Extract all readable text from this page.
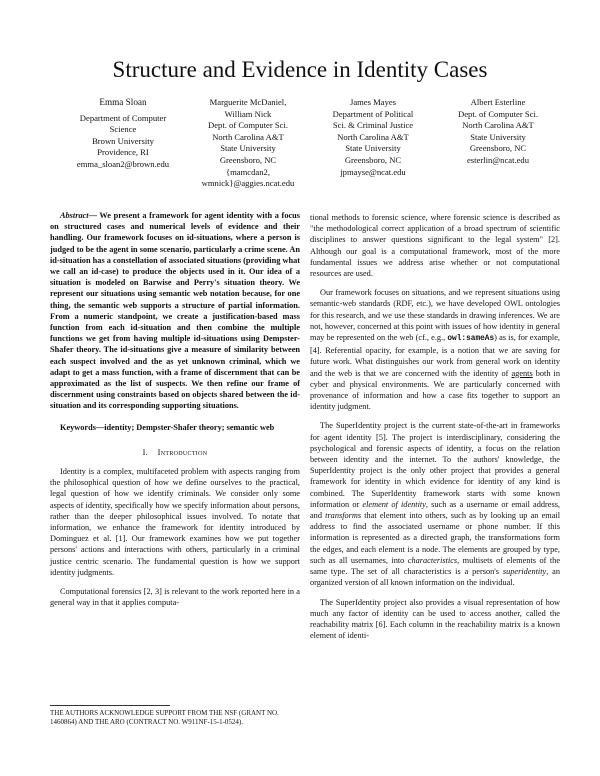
Structure and Evidence in Identity Cases
Emma Sloan
Department of Computer
Science
Brown University
Providence, RI
emma_sloan2@brown.edu
Marguerite McDaniel,
William Nick
Dept. of Computer Sci.
North Carolina A&T
State University
Greensboro, NC
{mamcdan2,
wmnick}@aggies.ncat.edu
James Mayes
Department of Political
Sci. & Criminal Justice
North Carolina A&T
State University
Greensboro, NC
jpmayse@ncat.edu
Albert Esterline
Dept. of Computer Sci.
North Carolina A&T
State University
Greensboro, NC
esterlin@ncat.edu

Abstract— We present a framework for agent identity with a focus on structured cases and numerical levels of evidence and their handling. Our framework focuses on id-situations, where a person is judged to be the agent in some scenario, particularly a crime scene. An id-situation has a constellation of associated situations (providing what we call an id-case) to produce the objects used in it. Our idea of a situation is modeled on Barwise and Perry's situation theory. We represent our situations using semantic web notation because, for one thing, the semantic web supports a structure of partial information. From a numeric standpoint, we create a justification-based mass function from each id-situation and then combine the multiple functions we get from having multiple id-situations using Dempster-Shafer theory. The id-situations give a measure of similarity between each suspect involved and the as yet unknown criminal, which we adapt to get a mass function, with a frame of discernment that can be approximated as the list of suspects. We then refine our frame of discernment using constraints based on objects shared between the id-situation and its corresponding supporting situations.

Keywords—identity; Dempster-Shafer theory; semantic web

I. Introduction

Identity is a complex, multifaceted problem with aspects ranging from the philosophical question of how we define ourselves to the practical, legal question of how we identify criminals. We consider only some aspects of identity, specifically how we specify information about persons, rather than the deeper philosophical issues involved. To notate that information, we enhance the framework for identity introduced by Dominguez et al. [1]. Our framework examines how we put together persons' actions and interactions with others, particularly in a criminal justice centric scenario. The fundamental question is how we support identity judgments.

Computational forensics [2, 3] is relevant to the work reported here in a general way in that it applies computa-

tional methods to forensic science, where forensic science is described as "the methodological correct application of a broad spectrum of scientific disciplines to answer questions significant to the legal system" [2]. Although our goal is a computational framework, most of the more fundamental issues we address arise whether or not computational resources are used.

Our framework focuses on situations, and we represent situations using semantic-web standards (RDF, etc.), we have developed OWL ontologies for this research, and we use these standards in drawing inferences. We are not, however, concerned at this point with issues of how identity in general may be represented on the web (cf., e.g., owl:sameAs) as is, for example, [4]. Referential opacity, for example, is a notion that we are saving for future work. What distinguishes our work from general work on identity and the web is that we are concerned with the identity of agents both in cyber and physical environments. We are particularly concerned with provenance of information and how a case fits together to support an identity judgment.

The SuperIdentity project is the current state-of-the-art in frameworks for agent identity [5]. The project is interdisciplinary, considering the psychological and forensic aspects of identity, a focus on the relation between identity and the internet. To the authors' knowledge, the SuperIdentity project is the only other project that provides a general framework for identity in which evidence for identity of any kind is combined. The SuperIdentity framework starts with some known information or element of identity, such as a username or email address, and transforms that element into others, such as by looking up an email address to find the associated username or phone number. If this information is represented as a directed graph, the transformations form the edges, and each element is a node. The elements are grouped by type, such as all usernames, into characteristics, multisets of elements of the same type. The set of all characteristics is a person's superidentity, an organized version of all known information on the individual.

The SuperIdentity project also provides a visual representation of how much any factor of identity can be used to access another, called the reachability matrix [6]. Each column in the reachability matrix is a known element of identi-

THE AUTHORS ACKNOWLEDGE SUPPORT FROM THE NSF (GRANT NO. 1460864) AND THE ARO (CONTRACT NO. W911NF-15-1-0524).
